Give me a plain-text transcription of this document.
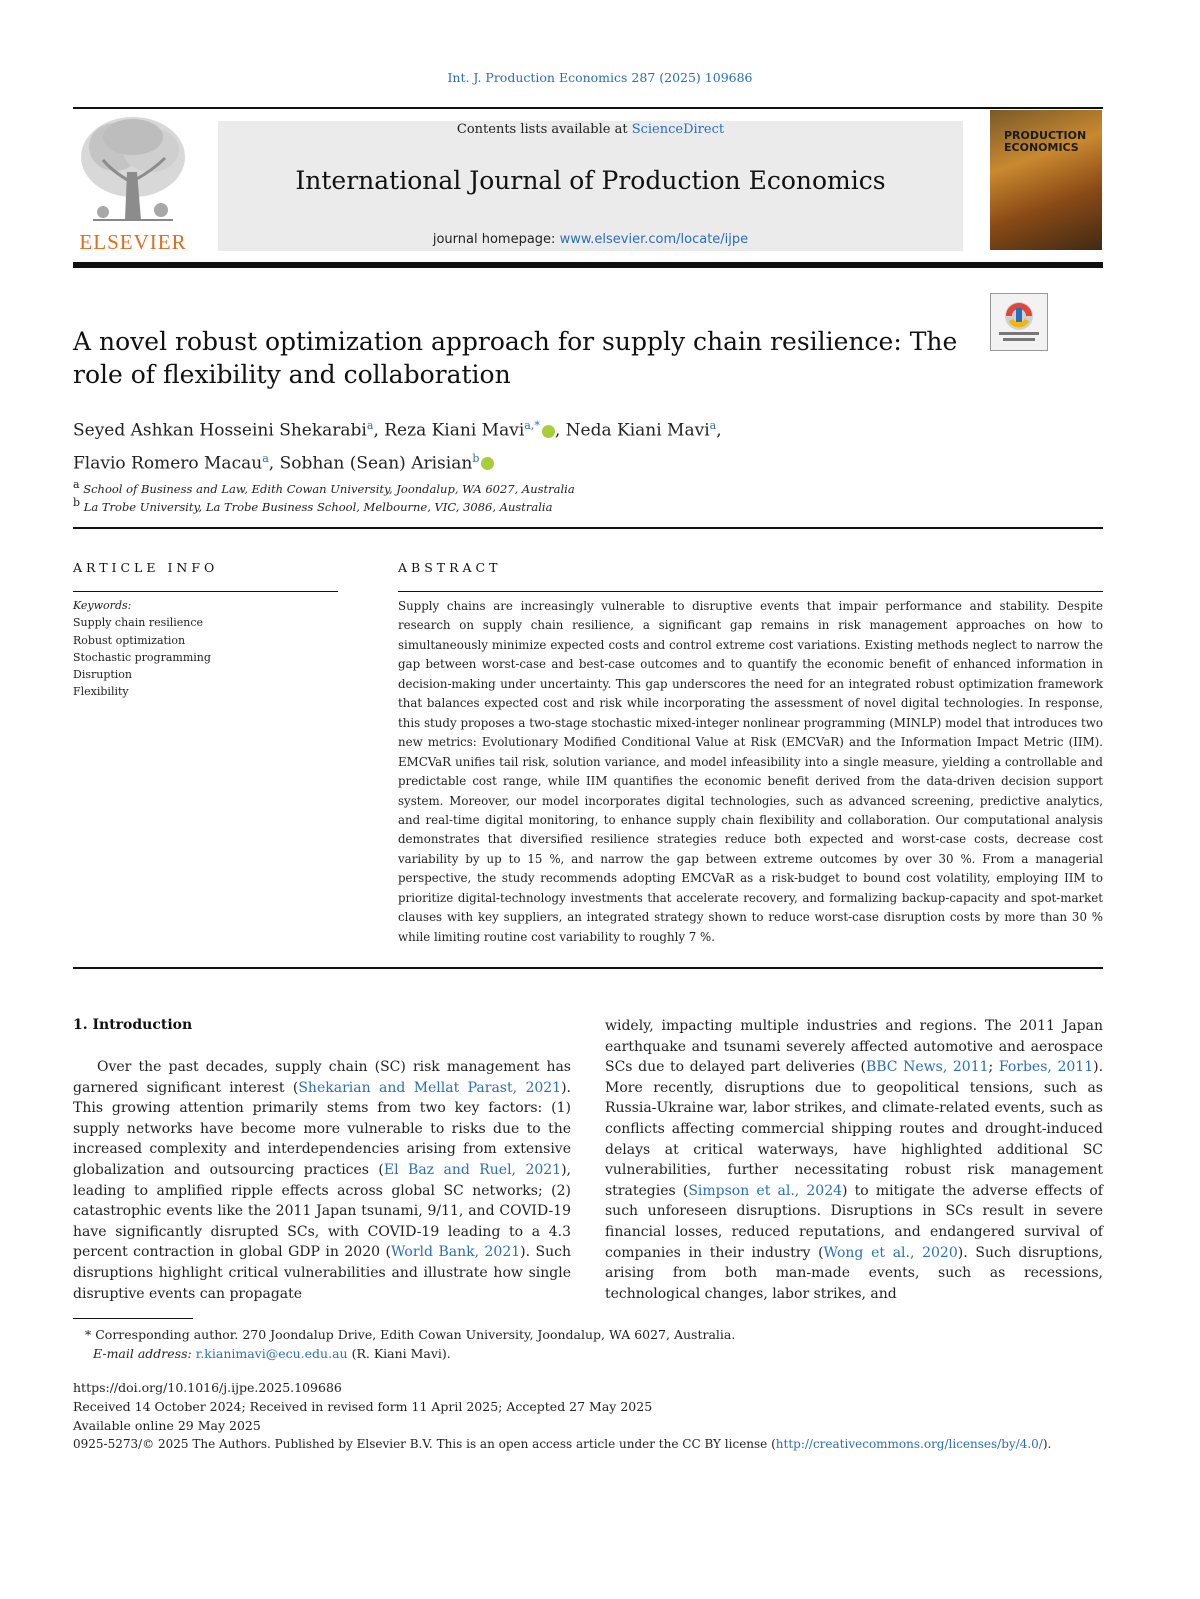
Int. J. Production Economics 287 (2025) 109686
ELSEVIER
Contents lists available at ScienceDirect
International Journal of Production Economics
journal homepage: www.elsevier.com/locate/ijpe
PRODUCTION ECONOMICS
A novel robust optimization approach for supply chain resilience: The role of flexibility and collaboration
Seyed Ashkan Hosseini Shekarabi$^a$, Reza Kiani Mavi$^{a,*}$ , Neda Kiani Mavi$^a$,
Flavio Romero Macau$^a$, Sobhan (Sean) Arisian$^b$
a School of Business and Law, Edith Cowan University, Joondalup, WA 6027, Australia
b La Trobe University, La Trobe Business School, Melbourne, VIC, 3086, Australia
ARTICLE INFO
Keywords:
Supply chain resilience
Robust optimization
Stochastic programming
Disruption
Flexibility
ABSTRACT
Supply chains are increasingly vulnerable to disruptive events that impair performance and stability. Despite research on supply chain resilience, a significant gap remains in risk management approaches on how to simultaneously minimize expected costs and control extreme cost variations. Existing methods neglect to narrow the gap between worst-case and best-case outcomes and to quantify the economic benefit of enhanced information in decision-making under uncertainty. This gap underscores the need for an integrated robust optimization framework that balances expected cost and risk while incorporating the assessment of novel digital technologies. In response, this study proposes a two-stage stochastic mixed-integer nonlinear programming (MINLP) model that introduces two new metrics: Evolutionary Modified Conditional Value at Risk (EMCVaR) and the Information Impact Metric (IIM). EMCVaR unifies tail risk, solution variance, and model infeasibility into a single measure, yielding a controllable and predictable cost range, while IIM quantifies the economic benefit derived from the data-driven decision support system. Moreover, our model incorporates digital technologies, such as advanced screening, predictive analytics, and real-time digital monitoring, to enhance supply chain flexibility and collaboration. Our computational analysis demonstrates that diversified resilience strategies reduce both expected and worst-case costs, decrease cost variability by up to 15 %, and narrow the gap between extreme outcomes by over 30 %. From a managerial perspective, the study recommends adopting EMCVaR as a risk-budget to bound cost volatility, employing IIM to prioritize digital-technology investments that accelerate recovery, and formalizing backup-capacity and spot-market clauses with key suppliers, an integrated strategy shown to reduce worst-case disruption costs by more than 30 % while limiting routine cost variability to roughly 7 %.
1. Introduction
Over the past decades, supply chain (SC) risk management has garnered significant interest (Shekarian and Mellat Parast, 2021). This growing attention primarily stems from two key factors: (1) supply networks have become more vulnerable to risks due to the increased complexity and interdependencies arising from extensive globalization and outsourcing practices (El Baz and Ruel, 2021), leading to amplified ripple effects across global SC networks; (2) catastrophic events like the 2011 Japan tsunami, 9/11, and COVID-19 have significantly disrupted SCs, with COVID-19 leading to a 4.3 percent contraction in global GDP in 2020 (World Bank, 2021). Such disruptions highlight critical vulnerabilities and illustrate how single disruptive events can propagate
widely, impacting multiple industries and regions. The 2011 Japan earthquake and tsunami severely affected automotive and aerospace SCs due to delayed part deliveries (BBC News, 2011; Forbes, 2011). More recently, disruptions due to geopolitical tensions, such as Russia-Ukraine war, labor strikes, and climate-related events, such as conflicts affecting commercial shipping routes and drought-induced delays at critical waterways, have highlighted additional SC vulnerabilities, further necessitating robust risk management strategies (Simpson et al., 2024) to mitigate the adverse effects of such unforeseen disruptions. Disruptions in SCs result in severe financial losses, reduced reputations, and endangered survival of companies in their industry (Wong et al., 2020). Such disruptions, arising from both man-made events, such as recessions, technological changes, labor strikes, and
* Corresponding author. 270 Joondalup Drive, Edith Cowan University, Joondalup, WA 6027, Australia.
E-mail address: r.kianimavi@ecu.edu.au (R. Kiani Mavi).
https://doi.org/10.1016/j.ijpe.2025.109686
Received 14 October 2024; Received in revised form 11 April 2025; Accepted 27 May 2025
Available online 29 May 2025
0925-5273/© 2025 The Authors. Published by Elsevier B.V. This is an open access article under the CC BY license (http://creativecommons.org/licenses/by/4.0/).
